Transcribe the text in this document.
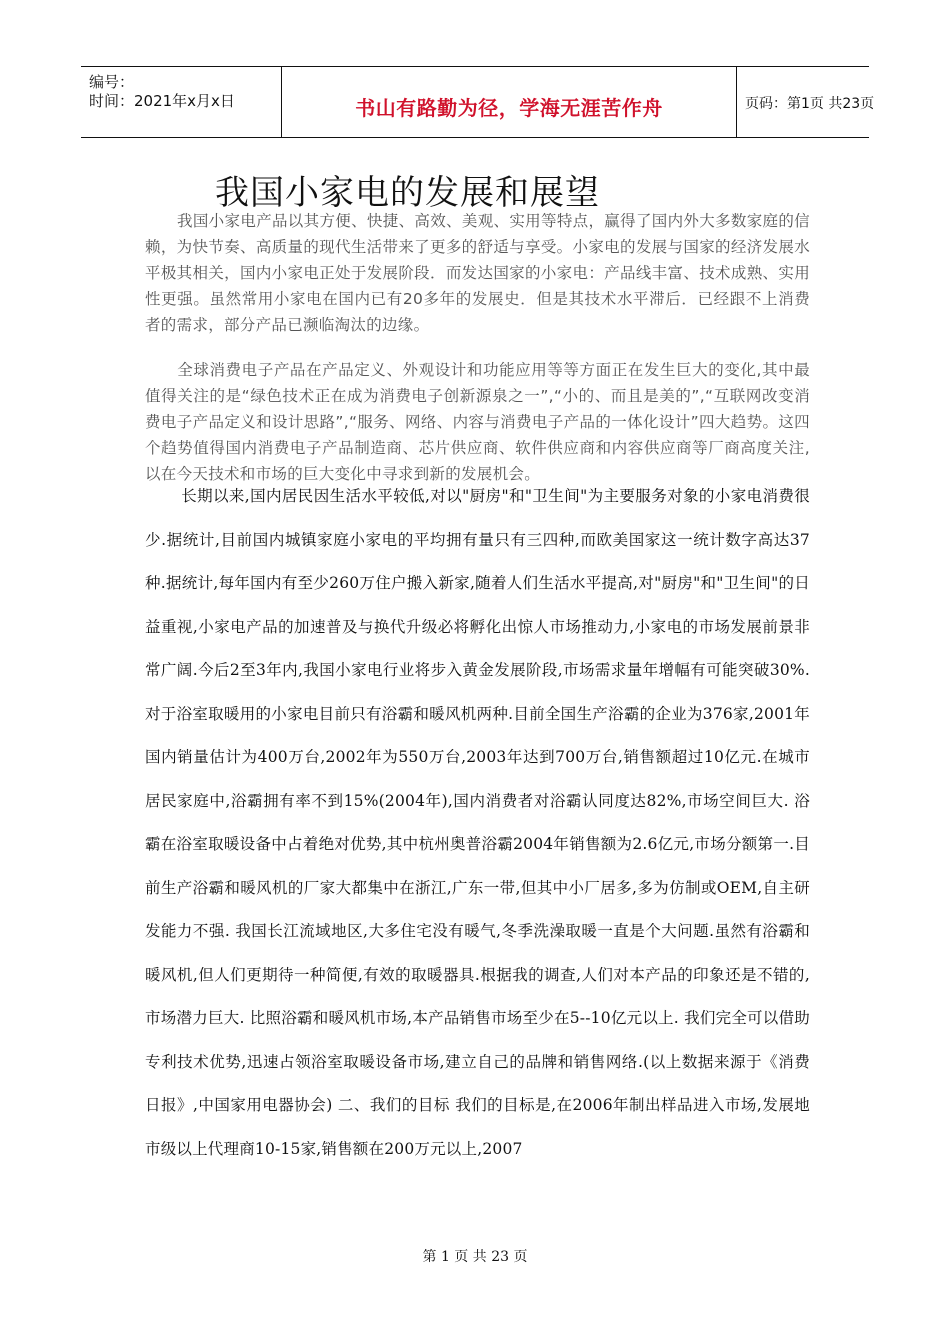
编号：
时间：2021年x月x日	书山有路勤为径，学海无涯苦作舟	页码：第1页 共23页
我国小家电的发展和展望
我国小家电产品以其方便、快捷、高效、美观、实用等特点，赢得了国内外大多数家庭的信赖，为快节奏、高质量的现代生活带来了更多的舒适与享受。小家电的发展与国家的经济发展水平极其相关，国内小家电正处于发展阶段．而发达国家的小家电：产品线丰富、技术成熟、实用性更强。虽然常用小家电在国内已有20多年的发展史．但是其技术水平滞后．已经跟不上消费者的需求，部分产品已濒临淘汰的边缘。
全球消费电子产品在产品定义、外观设计和功能应用等等方面正在发生巨大的变化,其中最值得关注的是“绿色技术正在成为消费电子创新源泉之一”,“小的、而且是美的”,“互联网改变消费电子产品定义和设计思路”,“服务、网络、内容与消费电子产品的一体化设计”四大趋势。这四个趋势值得国内消费电子产品制造商、芯片供应商、软件供应商和内容供应商等厂商高度关注,以在今天技术和市场的巨大变化中寻求到新的发展机会。
长期以来,国内居民因生活水平较低,对以"厨房"和"卫生间"为主要服务对象的小家电消费很少.据统计,目前国内城镇家庭小家电的平均拥有量只有三四种,而欧美国家这一统计数字高达37种.据统计,每年国内有至少260万住户搬入新家,随着人们生活水平提高,对"厨房"和"卫生间"的日益重视,小家电产品的加速普及与换代升级必将孵化出惊人市场推动力,小家电的市场发展前景非常广阔.今后2至3年内,我国小家电行业将步入黄金发展阶段,市场需求量年增幅有可能突破30%. 对于浴室取暖用的小家电目前只有浴霸和暖风机两种.目前全国生产浴霸的企业为376家,2001年国内销量估计为400万台,2002年为550万台,2003年达到700万台,销售额超过10亿元.在城市居民家庭中,浴霸拥有率不到15%(2004年),国内消费者对浴霸认同度达82%,市场空间巨大. 浴霸在浴室取暖设备中占着绝对优势,其中杭州奥普浴霸2004年销售额为2.6亿元,市场分额第一.目前生产浴霸和暖风机的厂家大都集中在浙江,广东一带,但其中小厂居多,多为仿制或OEM,自主研发能力不强. 我国长江流域地区,大多住宅没有暖气,冬季洗澡取暖一直是个大问题.虽然有浴霸和暖风机,但人们更期待一种简便,有效的取暖器具.根据我的调查,人们对本产品的印象还是不错的,市场潜力巨大. 比照浴霸和暖风机市场,本产品销售市场至少在5--10亿元以上. 我们完全可以借助专利技术优势,迅速占领浴室取暖设备市场,建立自己的品牌和销售网络.(以上数据来源于《消费日报》,中国家用电器协会) 二、我们的目标 我们的目标是,在2006年制出样品进入市场,发展地市级以上代理商10-15家,销售额在200万元以上,2007
第 1 页 共 23 页
